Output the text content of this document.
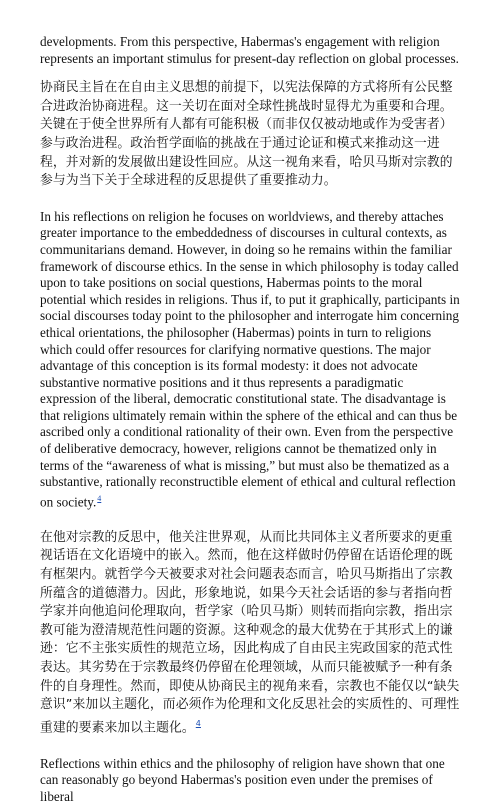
developments. From this perspective, Habermas's engagement with religion represents an important stimulus for present-day reflection on global processes.

协商民主旨在在自由主义思想的前提下，以宪法保障的方式将所有公民整合进政治协商进程。这一关切在面对全球性挑战时显得尤为重要和合理。关键在于使全世界所有人都有可能积极（而非仅仅被动地或作为受害者）参与政治进程。政治哲学面临的挑战在于通过论证和模式来推动这一进程，并对新的发展做出建设性回应。从这一视角来看，哈贝马斯对宗教的参与为当下关于全球进程的反思提供了重要推动力。

In his reflections on religion he focuses on worldviews, and thereby attaches greater importance to the embeddedness of discourses in cultural contexts, as communitarians demand. However, in doing so he remains within the familiar framework of discourse ethics. In the sense in which philosophy is today called upon to take positions on social questions, Habermas points to the moral potential which resides in religions. Thus if, to put it graphically, participants in social discourses today point to the philosopher and interrogate him concerning ethical orientations, the philosopher (Habermas) points in turn to religions which could offer resources for clarifying normative questions. The major advantage of this conception is its formal modesty: it does not advocate substantive normative positions and it thus represents a paradigmatic expression of the liberal, democratic constitutional state. The disadvantage is that religions ultimately remain within the sphere of the ethical and can thus be ascribed only a conditional rationality of their own. Even from the perspective of deliberative democracy, however, religions cannot be thematized only in terms of the “awareness of what is missing,” but must also be thematized as a substantive, rationally reconstructible element of ethical and cultural reflection on society.$^4$

在他对宗教的反思中，他关注世界观，从而比共同体主义者所要求的更重视话语在文化语境中的嵌入。然而，他在这样做时仍停留在话语伦理的既有框架内。就哲学今天被要求对社会问题表态而言，哈贝马斯指出了宗教所蕴含的道德潜力。因此，形象地说，如果今天社会话语的参与者指向哲学家并向他追问伦理取向，哲学家（哈贝马斯）则转而指向宗教，指出宗教可能为澄清规范性问题的资源。这种观念的最大优势在于其形式上的谦逊：它不主张实质性的规范立场，因此构成了自由民主宪政国家的范式性表达。其劣势在于宗教最终仍停留在伦理领域，从而只能被赋予一种有条件的自身理性。然而，即使从协商民主的视角来看，宗教也不能仅以“缺失意识”来加以主题化，而必须作为伦理和文化反思社会的实质性的、可理性重建的要素来加以主题化。$^4$

Reflections within ethics and the philosophy of religion have shown that one can reasonably go beyond Habermas's position even under the premises of liberal
